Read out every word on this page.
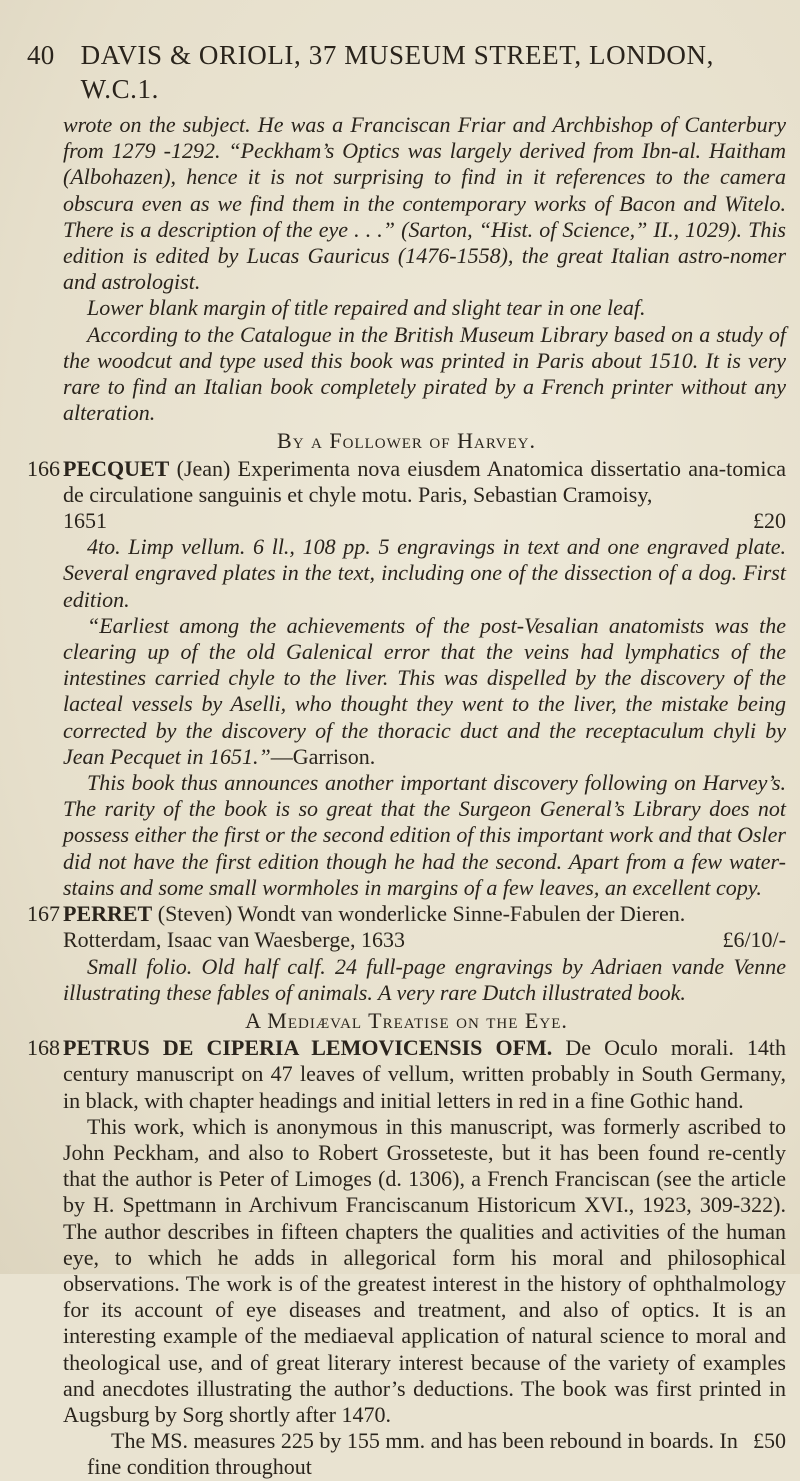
40 DAVIS & ORIOLI, 37 MUSEUM STREET, LONDON, W.C.1.

wrote on the subject. He was a Franciscan Friar and Archbishop of Canterbury from 1279 -1292. “Peckham’s Optics was largely derived from Ibn-al. Haitham (Albohazen), hence it is not surprising to find in it references to the camera obscura even as we find them in the contemporary works of Bacon and Witelo. There is a description of the eye . . .” (Sarton, “Hist. of Science,” II., 1029). This edition is edited by Lucas Gauricus (1476-1558), the great Italian astro-nomer and astrologist.

Lower blank margin of title repaired and slight tear in one leaf.

According to the Catalogue in the British Museum Library based on a study of the woodcut and type used this book was printed in Paris about 1510. It is very rare to find an Italian book completely pirated by a French printer without any alteration.

By a Follower of Harvey.

166 PECQUET (Jean) Experimenta nova eiusdem Anatomica dissertatio ana-tomica de circulatione sanguinis et chyle motu. Paris, Sebastian Cramoisy,

1651	£20

4to. Limp vellum. 6 ll., 108 pp. 5 engravings in text and one engraved plate. Several engraved plates in the text, including one of the dissection of a dog. First edition.

“Earliest among the achievements of the post-Vesalian anatomists was the clearing up of the old Galenical error that the veins had lymphatics of the intestines carried chyle to the liver. This was dispelled by the discovery of the lacteal vessels by Aselli, who thought they went to the liver, the mistake being corrected by the discovery of the thoracic duct and the receptaculum chyli by Jean Pecquet in 1651.”—Garrison.

This book thus announces another important discovery following on Harvey’s. The rarity of the book is so great that the Surgeon General’s Library does not possess either the first or the second edition of this important work and that Osler did not have the first edition though he had the second. Apart from a few water-stains and some small wormholes in margins of a few leaves, an excellent copy.

167 PERRET (Steven) Wondt van wonderlicke Sinne-Fabulen der Dieren.

Rotterdam, Isaac van Waesberge, 1633	£6/10/-

Small folio. Old half calf. 24 full-page engravings by Adriaen vande Venne illustrating these fables of animals. A very rare Dutch illustrated book.

A Mediæval Treatise on the Eye.

168 PETRUS DE CIPERIA LEMOVICENSIS OFM. De Oculo morali. 14th century manuscript on 47 leaves of vellum, written probably in South Germany, in black, with chapter headings and initial letters in red in a fine Gothic hand.

This work, which is anonymous in this manuscript, was formerly ascribed to John Peckham, and also to Robert Grosseteste, but it has been found re-cently that the author is Peter of Limoges (d. 1306), a French Franciscan (see the article by H. Spettmann in Archivum Franciscanum Historicum XVI., 1923, 309-322). The author describes in fifteen chapters the qualities and activities of the human eye, to which he adds in allegorical form his moral and philosophical observations. The work is of the greatest interest in the history of ophthalmology for its account of eye diseases and treatment, and also of optics. It is an interesting example of the mediaeval application of natural science to moral and theological use, and of great literary interest because of the variety of examples and anecdotes illustrating the author’s deductions. The book was first printed in Augsburg by Sorg shortly after 1470.

The MS. measures 225 by 155 mm. and has been rebound in boards. In fine condition throughout
£50
